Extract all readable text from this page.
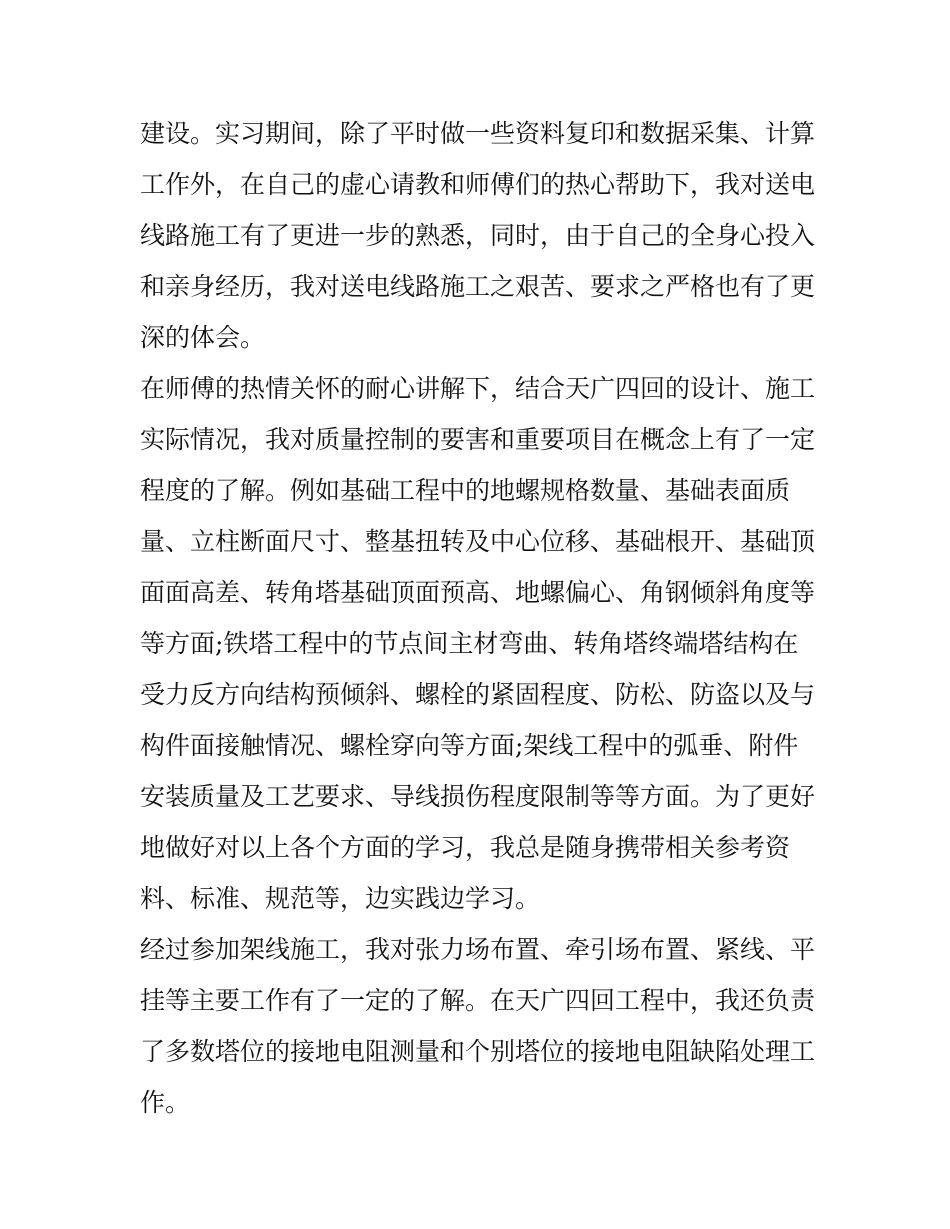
建设。实习期间，除了平时做一些资料复印和数据采集、计算
工作外，在自己的虚心请教和师傅们的热心帮助下，我对送电
线路施工有了更进一步的熟悉，同时，由于自己的全身心投入
和亲身经历，我对送电线路施工之艰苦、要求之严格也有了更
深的体会。
在师傅的热情关怀的耐心讲解下，结合天广四回的设计、施工
实际情况，我对质量控制的要害和重要项目在概念上有了一定
程度的了解。例如基础工程中的地螺规格数量、基础表面质
量、立柱断面尺寸、整基扭转及中心位移、基础根开、基础顶
面面高差、转角塔基础顶面预高、地螺偏心、角钢倾斜角度等
等方面;铁塔工程中的节点间主材弯曲、转角塔终端塔结构在
受力反方向结构预倾斜、螺栓的紧固程度、防松、防盗以及与
构件面接触情况、螺栓穿向等方面;架线工程中的弧垂、附件
安装质量及工艺要求、导线损伤程度限制等等方面。为了更好
地做好对以上各个方面的学习，我总是随身携带相关参考资
料、标准、规范等，边实践边学习。
经过参加架线施工，我对张力场布置、牵引场布置、紧线、平
挂等主要工作有了一定的了解。在天广四回工程中，我还负责
了多数塔位的接地电阻测量和个别塔位的接地电阻缺陷处理工
作。
